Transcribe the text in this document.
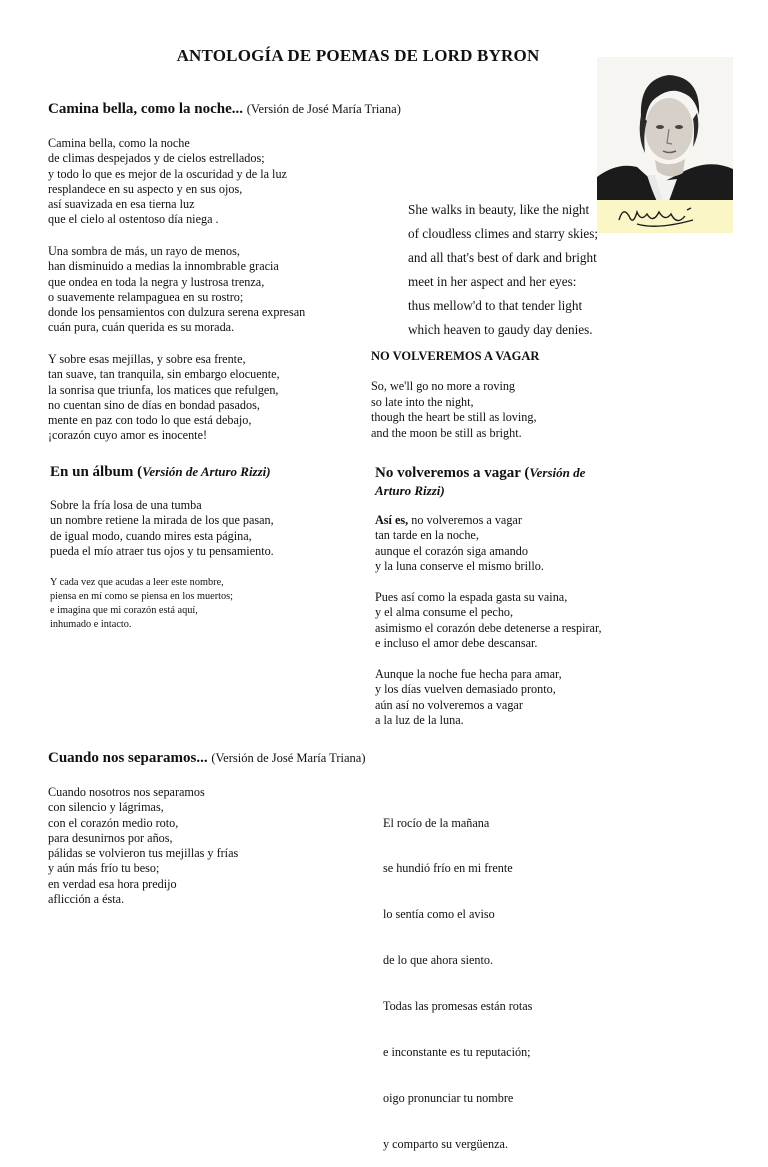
ANTOLOGÍA DE POEMAS DE LORD BYRON
Camina bella, como la noche... (Versión de José María Triana)
Camina bella, como la noche
de climas despejados y de cielos estrellados;
y todo lo que es mejor de la oscuridad y de la luz
resplandece en su aspecto y en sus ojos,
así suavizada en esa tierna luz
que el cielo al ostentoso día niega .
Una sombra de más, un rayo de menos,
han disminuido a medias la innombrable gracia
que ondea en toda la negra y lustrosa trenza,
o suavemente relampaguea en su rostro;
donde los pensamientos con dulzura serena expresan
cuán pura, cuán querida es su morada.
Y sobre esas mejillas, y sobre esa frente,
tan suave, tan tranquila, sin embargo elocuente,
la sonrisa que triunfa, los matices que refulgen,
no cuentan sino de días en bondad pasados,
mente en paz con todo lo que está debajo,
¡corazón cuyo amor es inocente!
She walks in beauty, like the night
of cloudless climes and starry skies;
and all that's best of dark and bright
meet in her aspect and her eyes:
thus mellow'd to that tender light
which heaven to gaudy day denies.
NO VOLVEREMOS A VAGAR
So, we'll go no more a roving
so late into the night,
though the heart be still as loving,
and the moon be still as bright.
En un álbum (Versión de Arturo Rizzi)
Sobre la fría losa de una tumba
un nombre retiene la mirada de los que pasan,
de igual modo, cuando mires esta página,
pueda el mío atraer tus ojos y tu pensamiento.
Y cada vez que acudas a leer este nombre,
piensa en mí como se piensa en los muertos;
e imagina que mi corazón está aquí,
inhumado e intacto.
No volveremos a vagar (Versión de
Arturo Rizzi)
Así es, no volveremos a vagar
tan tarde en la noche,
aunque el corazón siga amando
y la luna conserve el mismo brillo.
Pues así como la espada gasta su vaina,
y el alma consume el pecho,
asimismo el corazón debe detenerse a respirar,
e incluso el amor debe descansar.
Aunque la noche fue hecha para amar,
y los días vuelven demasiado pronto,
aún así no volveremos a vagar
a la luz de la luna.
Cuando nos separamos... (Versión de José María Triana)
Cuando nosotros nos separamos
con silencio y lágrimas,
con el corazón medio roto,
para desunirnos por años,
pálidas se volvieron tus mejillas y frías
y aún más frío tu beso;
en verdad esa hora predijo
aflicción a ésta.

El rocío de la mañana

se hundió frío en mi frente

lo sentía como el aviso

de lo que ahora siento.

Todas las promesas están rotas

e inconstante es tu reputación;

oigo pronunciar tu nombre

y comparto su vergüenza.
